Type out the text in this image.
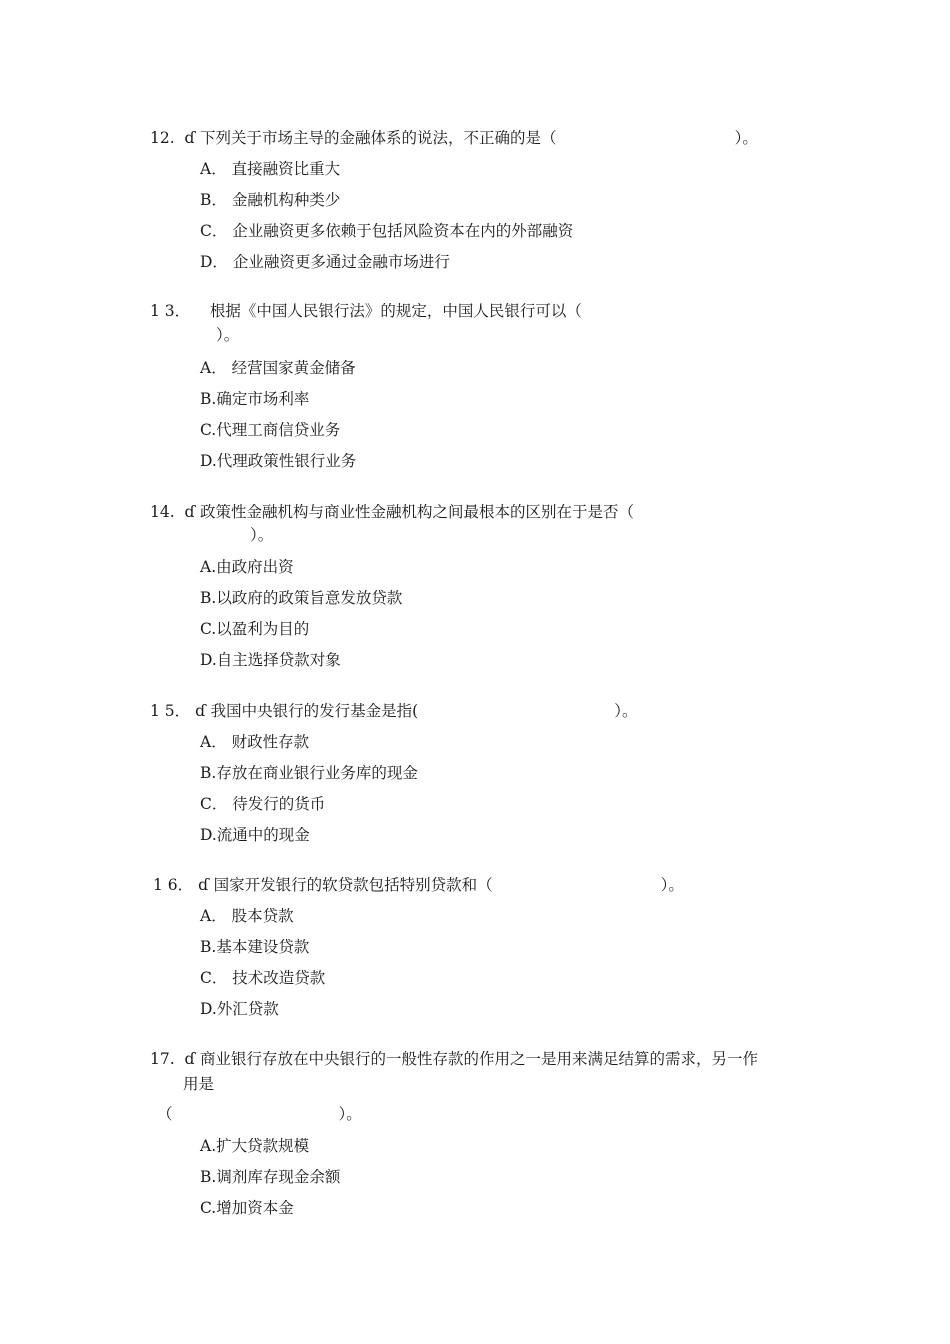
12. ɗ 下列关于市场主导的金融体系的说法，不正确的是（	）。
A． 直接融资比重大
B． 金融机构种类少
C． 企业融资更多依赖于包括风险资本在内的外部融资
D． 企业融资更多通过金融市场进行
1 3． 根据《中国人民银行法》的规定，中国人民银行可以（
）。
A． 经营国家黄金储备
B.确定市场利率
C.代理工商信贷业务
D.代理政策性银行业务
14. ɗ 政策性金融机构与商业性金融机构之间最根本的区别在于是否（
）。
A.由政府出资
B.以政府的政策旨意发放贷款
C.以盈利为目的
D.自主选择贷款对象
1 5． ɗ 我国中央银行的发行基金是指(	）。
A． 财政性存款
B.存放在商业银行业务库的现金
C． 待发行的货币
D.流通中的现金
1 6． ɗ 国家开发银行的软贷款包括特别贷款和（	）。
A． 股本贷款
B.基本建设贷款
C． 技术改造贷款
D.外汇贷款
17. ɗ 商业银行存放在中央银行的一般性存款的作用之一是用来满足结算的需求，另一作
用是
（	）。
A.扩大贷款规模
B.调剂库存现金余额
C.增加资本金
